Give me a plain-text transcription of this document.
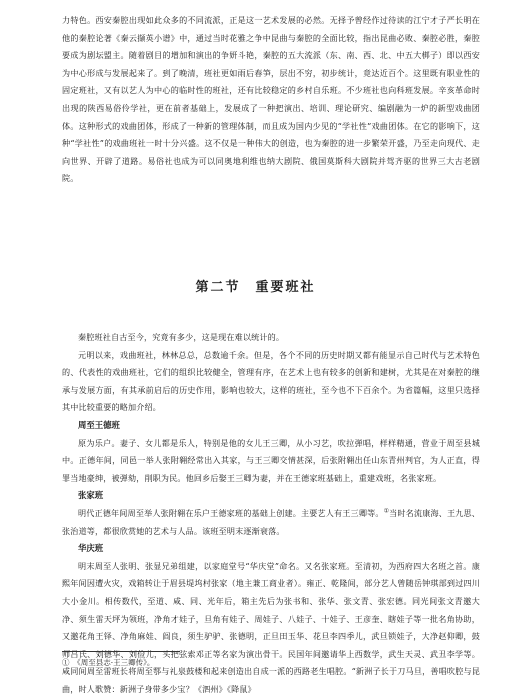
力特色。西安秦腔出现如此众多的不同流派，正是这一艺术发展的必然。无择予曾经作过待读的江宁才子严长明在他的秦腔论著《秦云撷英小谱》中，通过当时花雅之争中昆曲与秦腔的全面比较，指出昆曲必败、秦腔必胜，秦腔要成为剧坛盟主。随着剧目的增加和演出的争妍斗艳，秦腔的五大流派（东、南、西、北、中五大梆子）即以西安为中心形成与发展起来了。到了晚清，班社更如雨后春笋，层出不穷，初步统计，竟达近百个。这里既有职业性的固定班社，又有以艺人为中心的临时性的班社，还有比较稳定的乡村自乐班。不少班社也向科班发展。辛亥革命时出现的陕西易俗伶学社，更在前者基础上，发展成了一种把演出、培训、理论研究、编剧融为一炉的新型戏曲团体。这种形式的戏曲团体，形成了一种新的管理体制，而且成为国内少见的“学社性”戏曲团体。在它的影响下，这种“学社性”的戏曲班社一时十分兴盛。这不仅是一种伟大的创造，也为秦腔的进一步繁荣开盛，乃至走向现代、走向世界、开辟了道路。易俗社也成为可以同奥地利维也纳大剧院、俄国莫斯科大剧院并驾齐驱的世界三大古老剧院。

第二节　重要班社

秦腔班社自古至今，究竟有多少，这是现在难以统计的。

元明以来，戏曲班社，林林总总，总数逾千余。但是，各个不同的历史时期又都有能显示自己时代与艺术特色的、代表性的戏曲班社，它们的组织比较健全，管理有序，在艺术上也有较多的创新和建树，尤其是在对秦腔的继承与发展方面，有其承前启后的历史作用，影响也较大，这样的班社，至今也不下百余个。为省篇幅，这里只选择其中比较重要的略加介绍。

周至王德班

原为乐户。妻子、女儿都是乐人，特别是他的女儿王三卿，从小习艺，吹拉弹唱，样样精通，营业于周至县城中。正德年间，同邑一举人张附翱经常出入其家，与王三卿交情甚深，后张附翱出任山东青州判官，为人正直，得罪当地豪绅，被弹劾，削职为民。他回乡后娶王三卿为妻，并在王德家班基础上，重建戏班，名张家班。

张家班

明代正德年间周至举人张附翱在乐户王德家班的基础上创建。主要艺人有王三卿等。①当时名流康海、王九思、张治道等，都很欣赏她的艺术与人品。该班至明末逐渐衰落。

华庆班

明末周至人张明、张显兄弟组建，以家庭堂号“华庆堂”命名。又名张家班。至清初，为西府四大名班之首。康熙年间因遭火灾，戏箱转让于眉县堤坞村张家（地主兼工商业者）。雍正、乾隆间，部分艺人曾随岳钟琪部到过四川大小金川。相传数代，至道、咸、同、光年后，箱主先后为张书和、张华、张文青、张宏德。同光间张文青邀大净、须生雷天坪为领班，净角才娃子，旦角有娃子、周娃子、八娃子、十娃子、王彦奎、瞎娃子等一批名角协助，又邀花角王铎、净角麻娃、阎良，须生驴驴、张德明，正旦田玉华、花旦李四季儿，武旦锁娃子，大净赵仰卿，鼓师吕氏、刘德华、刘俭儿，头把弦索邓正等名家为演出骨干。民国年间邀请华上西数学，武生天灵、武丑李学等。咸同间周至雷班长将周至鄠与礼泉鼓楼和起来创造出自成一派的西路老生唱腔。“新洲子长于刀马旦，善唱吹腔与昆曲，时人歌赞：新洲子身带多少宝？《泗州》《降鼠》

①　《周至县志·王三卿传》。
